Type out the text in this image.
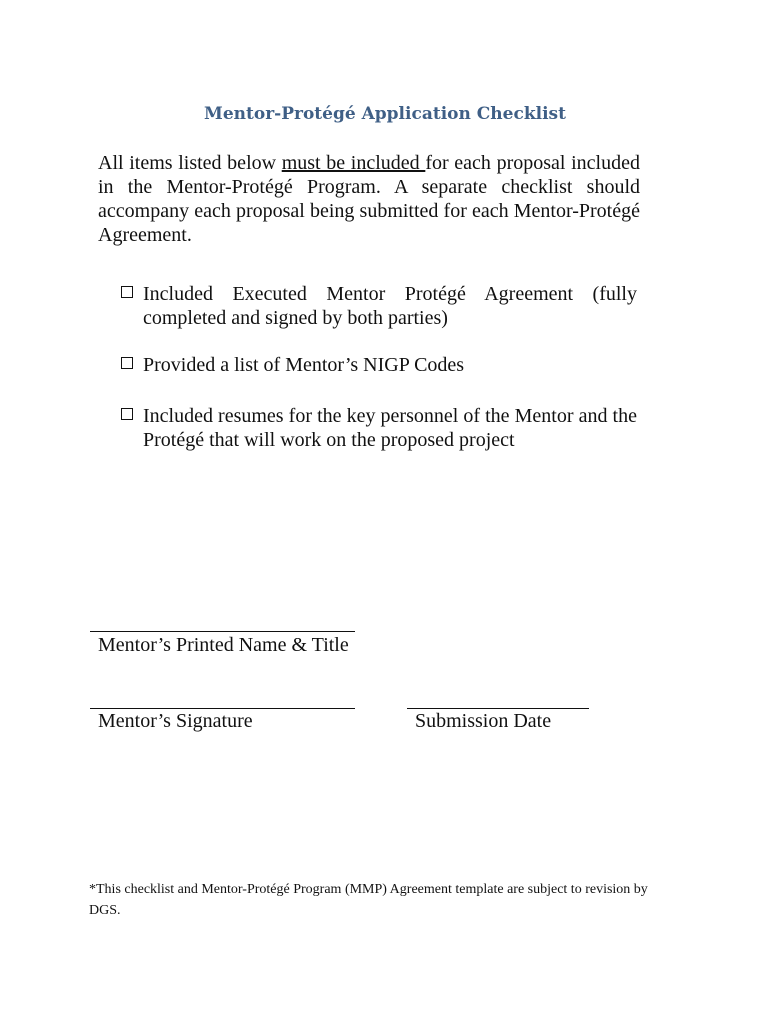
Mentor-Protégé Application Checklist
All items listed below must be included for each proposal included in the Mentor-Protégé Program. A separate checklist should accompany each proposal being submitted for each Mentor-Protégé Agreement.
Included Executed Mentor Protégé Agreement (fully completed and signed by both parties)
Provided a list of Mentor’s NIGP Codes
Included resumes for the key personnel of the Mentor and the Protégé that will work on the proposed project
Mentor’s Printed Name & Title
Mentor’s Signature	Submission Date
*This checklist and Mentor-Protégé Program (MMP) Agreement template are subject to revision by DGS.
